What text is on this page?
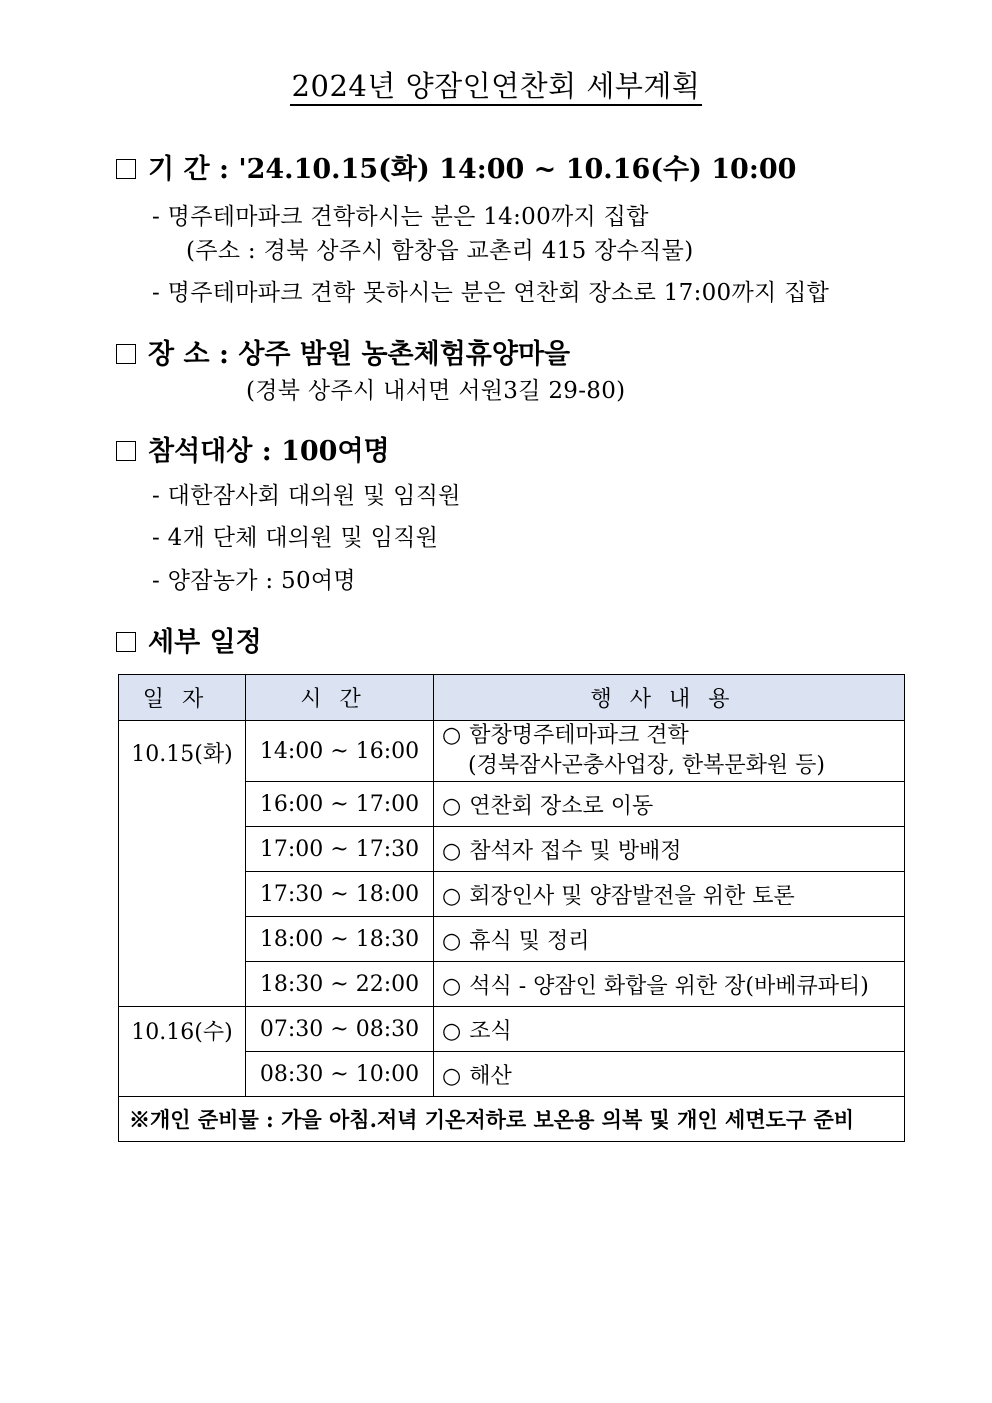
2024년 양잠인연찬회 세부계획
기 간 : '24.10.15(화) 14:00 ~ 10.16(수) 10:00
- 명주테마파크 견학하시는 분은 14:00까지 집합
(주소 : 경북 상주시 함창읍 교촌리 415 장수직물)
- 명주테마파크 견학 못하시는 분은 연찬회 장소로 17:00까지 집합
장 소 : 상주 밤원 농촌체험휴양마을
(경북 상주시 내서면 서원3길 29-80)
참석대상 : 100여명
- 대한잠사회 대의원 및 임직원
- 4개 단체 대의원 및 임직원
- 양잠농가 : 50여명
세부 일정
일자	시간	행사내용
10.15(화)	14:00 ~ 16:00	○ 함창명주테마파크 견학
(경북잠사곤충사업장, 한복문화원 등)

	16:00 ~ 17:00	○ 연찬회 장소로 이동
	17:00 ~ 17:30	○ 참석자 접수 및 방배정
	17:30 ~ 18:00	○ 회장인사 및 양잠발전을 위한 토론
	18:00 ~ 18:30	○ 휴식 및 정리
	18:30 ~ 22:00	○ 석식 - 양잠인 화합을 위한 장(바베큐파티)
10.16(수)	07:30 ~ 08:30	○ 조식
	08:30 ~ 10:00	○ 해산
※개인 준비물 : 가을 아침.저녁 기온저하로 보온용 의복 및 개인 세면도구 준비		
